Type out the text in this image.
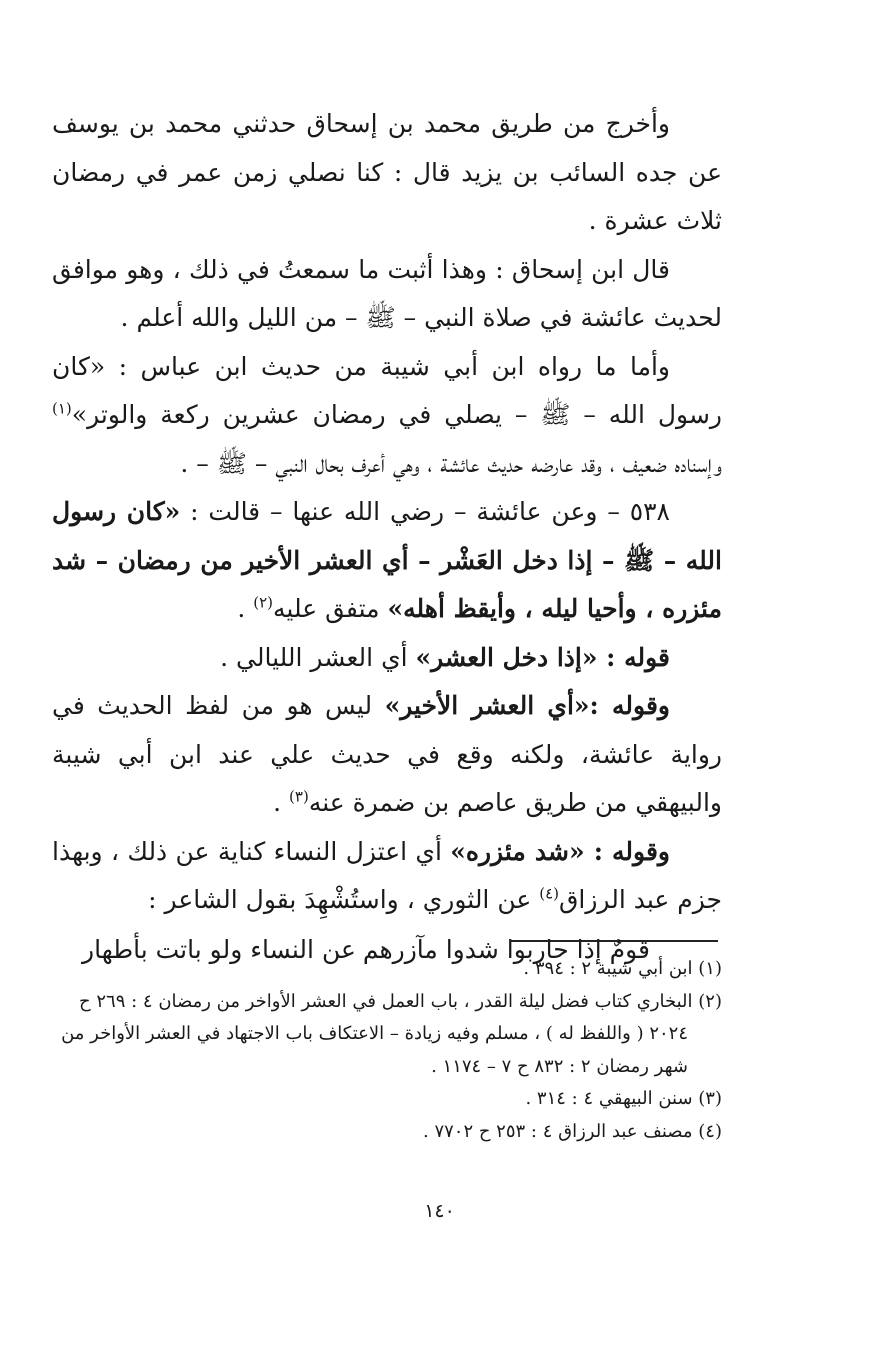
وأخرج من طريق محمد بن إسحاق حدثني محمد بن يوسف عن جده السائب بن يزيد قال : كنا نصلي زمن عمر في رمضان ثلاث عشرة .

قال ابن إسحاق : وهذا أثبت ما سمعتُ في ذلك ، وهو موافق لحديث عائشة في صلاة النبي – ﷺ – من الليل والله أعلم .

وأما ما رواه ابن أبي شيبة من حديث ابن عباس : «كان رسول الله – ﷺ – يصلي في رمضان عشرين ركعة والوتر»$^{(١)}$ وإسناده ضعيف ، وقد عارضه حديث عائشة ، وهي أعرف بحال النبي – ﷺ – .

٥٣٨ – وعن عائشة – رضي الله عنها – قالت : «كان رسول الله – ﷺ – إذا دخل العَشْر – أي العشر الأخير من رمضان – شد مئزره ، وأحيا ليله ، وأيقظ أهله» متفق عليه$^{(٢)}$ .

قوله : «إذا دخل العشر» أي العشر الليالي .

وقوله :«أي العشر الأخير» ليس هو من لفظ الحديث في رواية عائشة، ولكنه وقع في حديث علي عند ابن أبي شيبة والبيهقي من طريق عاصم بن ضمرة عنه$^{(٣)}$ .

وقوله : «شد مئزره» أي اعتزل النساء كناية عن ذلك ، وبهذا جزم عبد الرزاق$^{(٤)}$ عن الثوري ، واستُشْهِدَ بقول الشاعر :

قومٌ إذا حاربوا شدوا مآزرهم
عن النساء ولو باتت بأطهار

(١) ابن أبي شيبة ٢ : ٣٩٤ .

(٢) البخاري كتاب فضل ليلة القدر ، باب العمل في العشر الأواخر من رمضان ٤ : ٢٦٩ ح

٢٠٢٤ ( واللفظ له ) ، مسلم وفيه زيادة – الاعتكاف باب الاجتهاد في العشر الأواخر من

شهر رمضان ٢ : ٨٣٢ ح ٧ – ١١٧٤ .

(٣) سنن البيهقي ٤ : ٣١٤ .

(٤) مصنف عبد الرزاق ٤ : ٢٥٣ ح ٧٧٠٢ .

١٤٠
